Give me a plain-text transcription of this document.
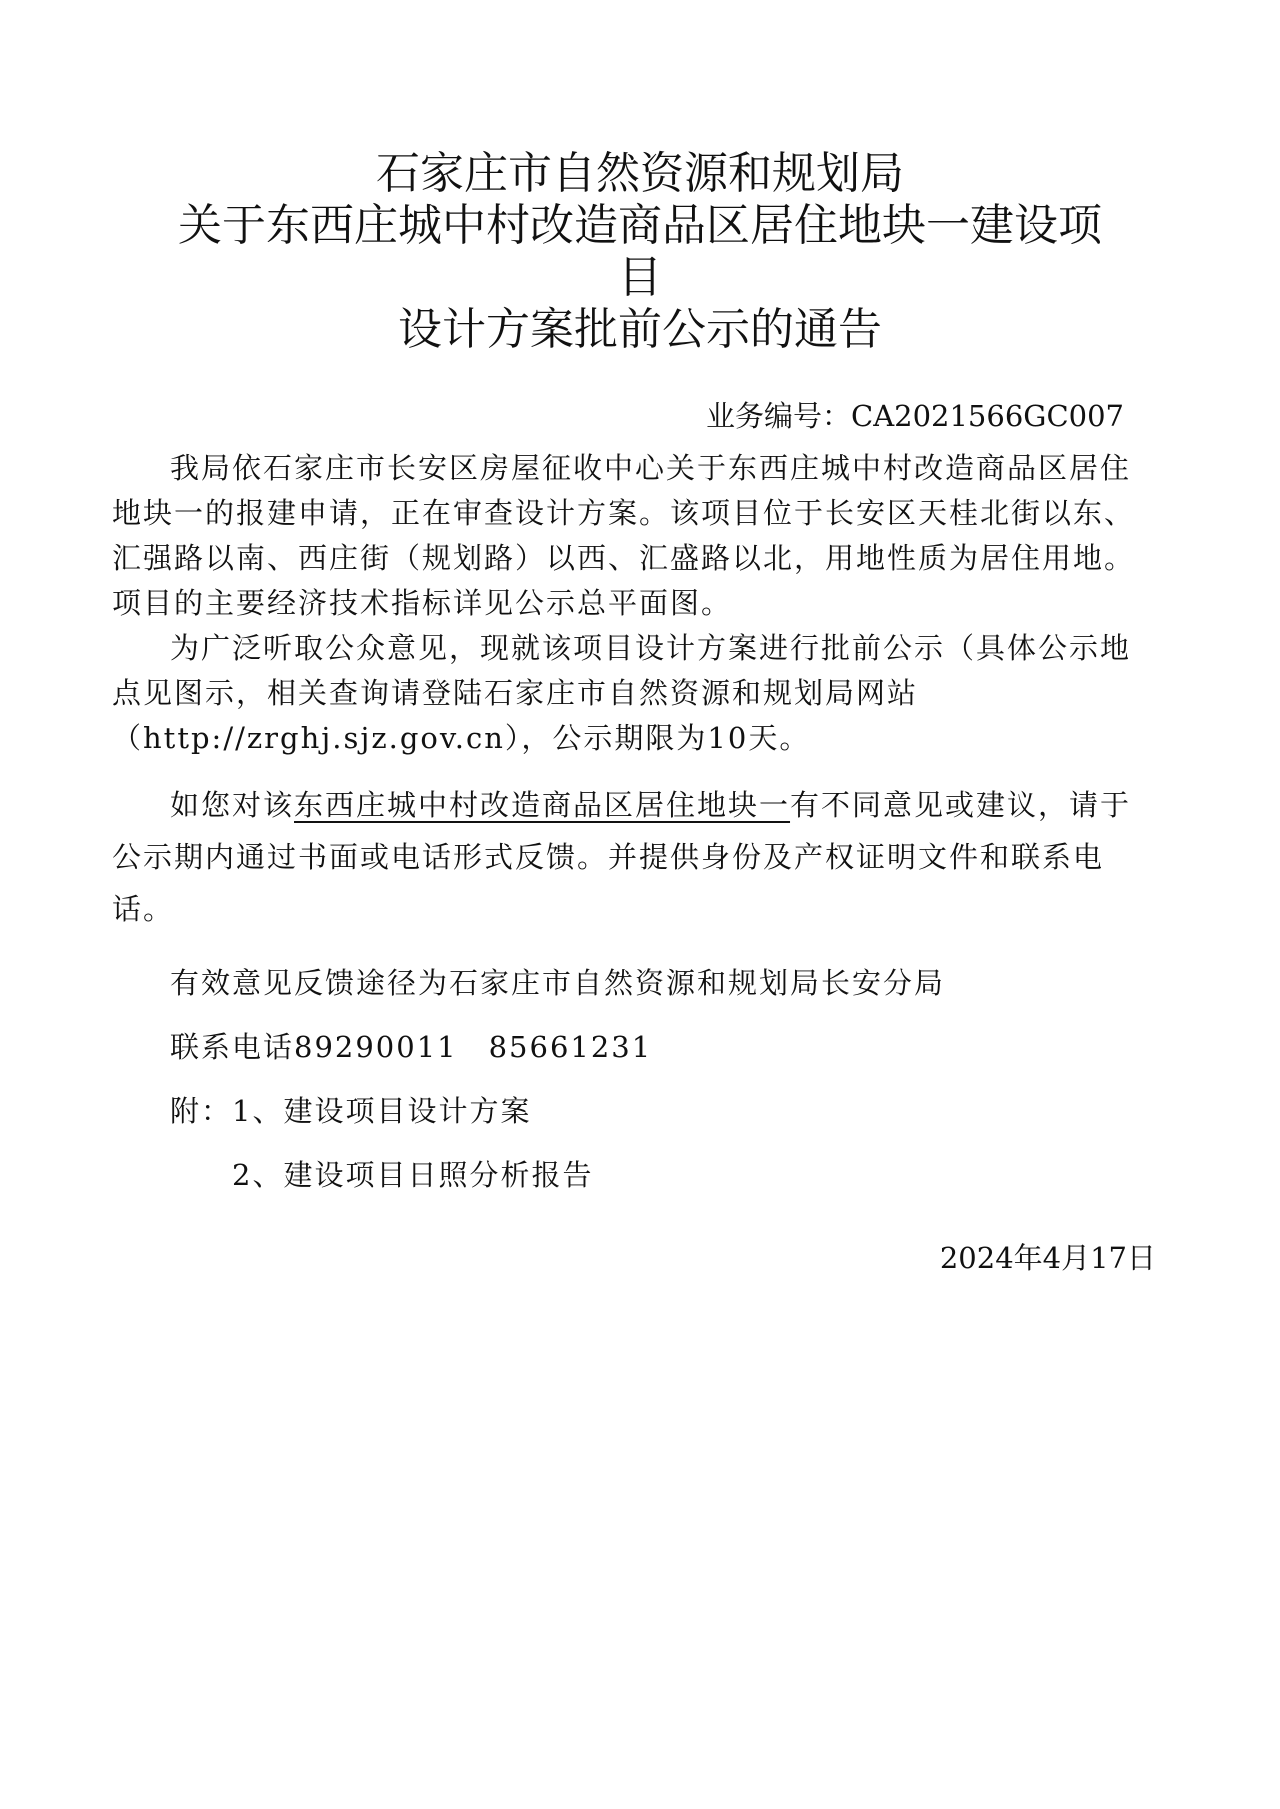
石家庄市自然资源和规划局
关于东西庄城中村改造商品区居住地块一建设项
目
设计方案批前公示的通告
业务编号：CA2021566GC007

我局依石家庄市长安区房屋征收中心关于东西庄城中村改造商品区居住地块一的报建申请，正在审查设计方案。该项目位于长安区天桂北街以东、汇强路以南、西庄街（规划路）以西、汇盛路以北，用地性质为居住用地。项目的主要经济技术指标详见公示总平面图。

为广泛听取公众意见，现就该项目设计方案进行批前公示（具体公示地点见图示，相关查询请登陆石家庄市自然资源和规划局网站（http://zrghj.sjz.gov.cn），公示期限为10天。

如您对该东西庄城中村改造商品区居住地块一有不同意见或建议，请于公示期内通过书面或电话形式反馈。并提供身份及产权证明文件和联系电话。

有效意见反馈途径为石家庄市自然资源和规划局长安分局

联系电话89290011　85661231

附：1、建设项目设计方案

2、建设项目日照分析报告

2024年4月17日
